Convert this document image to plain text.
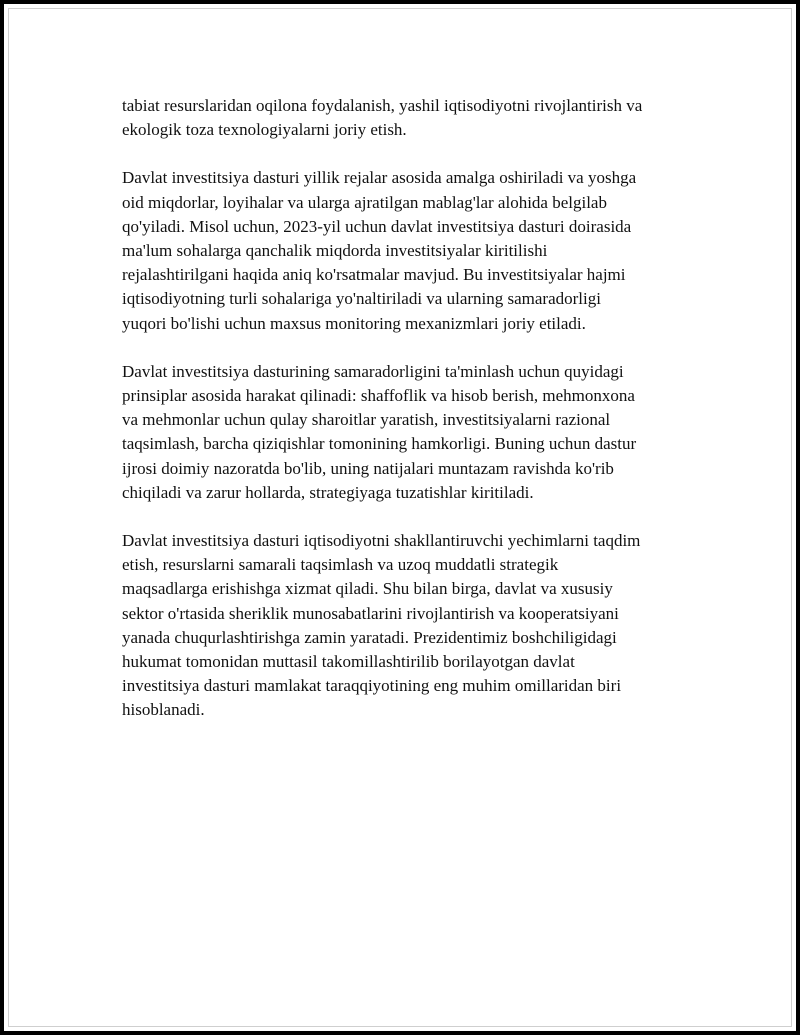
tabiat resurslaridan oqilona foydalanish, yashil iqtisodiyotni rivojlantirish va
ekologik toza texnologiyalarni joriy etish.

Davlat investitsiya dasturi yillik rejalar asosida amalga oshiriladi va yoshga
oid miqdorlar, loyihalar va ularga ajratilgan mablag'lar alohida belgilab
qo'yiladi. Misol uchun, 2023-yil uchun davlat investitsiya dasturi doirasida
ma'lum sohalarga qanchalik miqdorda investitsiyalar kiritilishi
rejalashtirilgani haqida aniq ko'rsatmalar mavjud. Bu investitsiyalar hajmi
iqtisodiyotning turli sohalariga yo'naltiriladi va ularning samaradorligi
yuqori bo'lishi uchun maxsus monitoring mexanizmlari joriy etiladi.

Davlat investitsiya dasturining samaradorligini ta'minlash uchun quyidagi
prinsiplar asosida harakat qilinadi: shaffoflik va hisob berish, mehmonxona
va mehmonlar uchun qulay sharoitlar yaratish, investitsiyalarni razional
taqsimlash, barcha qiziqishlar tomonining hamkorligi. Buning uchun dastur
ijrosi doimiy nazoratda bo'lib, uning natijalari muntazam ravishda ko'rib
chiqiladi va zarur hollarda, strategiyaga tuzatishlar kiritiladi.

Davlat investitsiya dasturi iqtisodiyotni shakllantiruvchi yechimlarni taqdim
etish, resurslarni samarali taqsimlash va uzoq muddatli strategik
maqsadlarga erishishga xizmat qiladi. Shu bilan birga, davlat va xususiy
sektor o'rtasida sheriklik munosabatlarini rivojlantirish va kooperatsiyani
yanada chuqurlashtirishga zamin yaratadi. Prezidentimiz boshchiligidagi
hukumat tomonidan muttasil takomillashtirilib borilayotgan davlat
investitsiya dasturi mamlakat taraqqiyotining eng muhim omillaridan biri
hisoblanadi.
